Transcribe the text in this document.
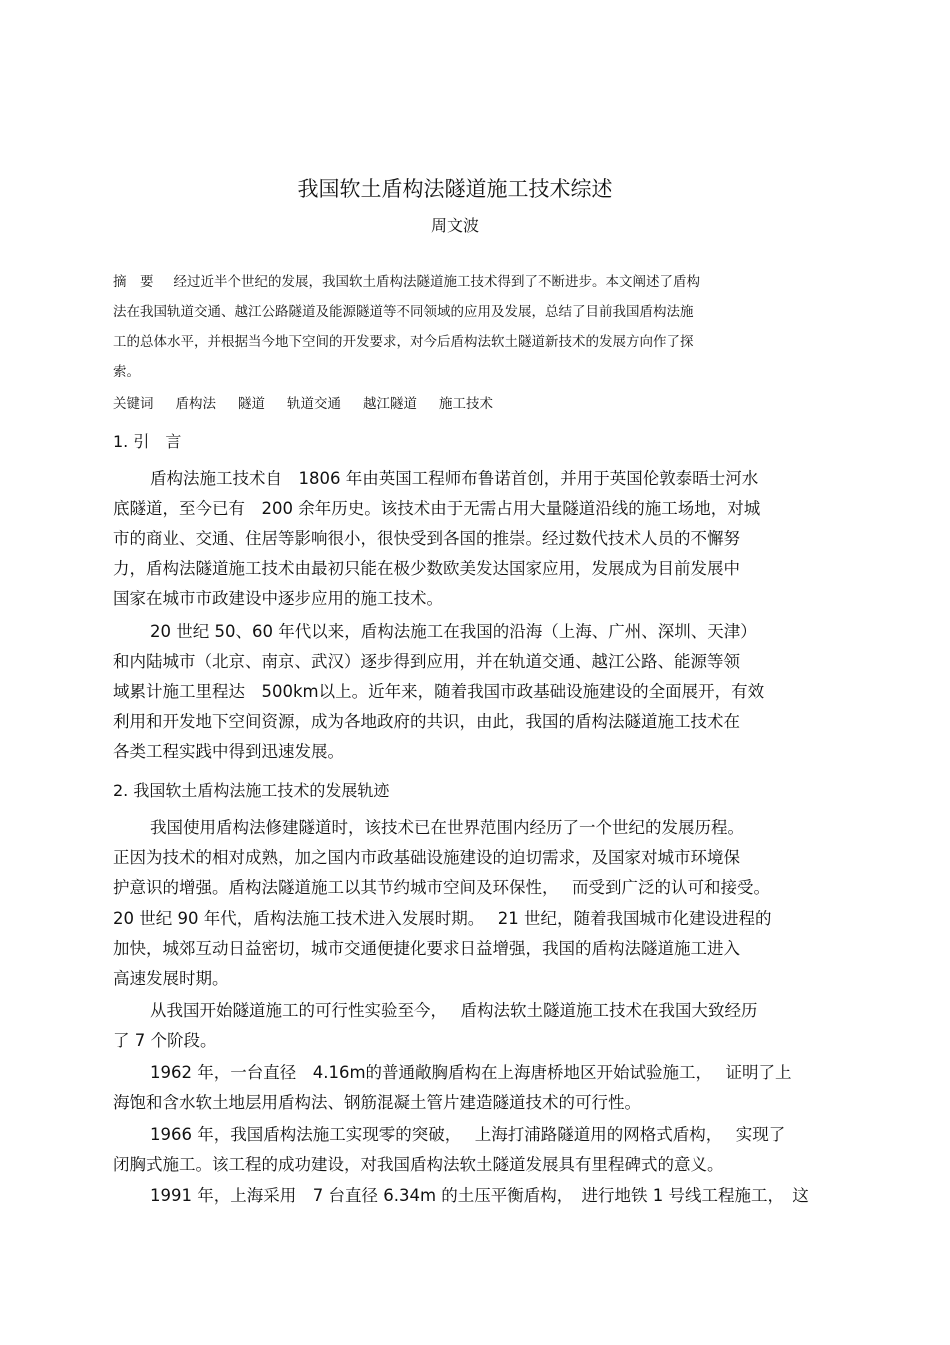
我国软土盾构法隧道施工技术综述
周文波
摘　要 经过近半个世纪的发展，我国软土盾构法隧道施工技术得到了不断进步。本文阐述了盾构
法在我国轨道交通、越江公路隧道及能源隧道等不同领域的应用及发展，总结了目前我国盾构法施
工的总体水平，并根据当今地下空间的开发要求，对今后盾构法软土隧道新技术的发展方向作了探
索。
关键词 盾构法 隧道 轨道交通 越江隧道 施工技术
1. 引　言
盾构法施工技术自　1806 年由英国工程师布鲁诺首创，并用于英国伦敦泰晤士河水
底隧道，至今已有　200 余年历史。该技术由于无需占用大量隧道沿线的施工场地，对城
市的商业、交通、住居等影响很小，很快受到各国的推崇。经过数代技术人员的不懈努
力，盾构法隧道施工技术由最初只能在极少数欧美发达国家应用，发展成为目前发展中
国家在城市市政建设中逐步应用的施工技术。
20 世纪 50、60 年代以来，盾构法施工在我国的沿海（上海、广州、深圳、天津）
和内陆城市（北京、南京、武汉）逐步得到应用，并在轨道交通、越江公路、能源等领
域累计施工里程达　500km以上。近年来，随着我国市政基础设施建设的全面展开，有效
利用和开发地下空间资源，成为各地政府的共识，由此，我国的盾构法隧道施工技术在
各类工程实践中得到迅速发展。
2. 我国软土盾构法施工技术的发展轨迹
我国使用盾构法修建隧道时，该技术已在世界范围内经历了一个世纪的发展历程。
正因为技术的相对成熟，加之国内市政基础设施建设的迫切需求，及国家对城市环境保
护意识的增强。盾构法隧道施工以其节约城市空间及环保性，　 而受到广泛的认可和接受。
20 世纪 90 年代，盾构法施工技术进入发展时期。　 21 世纪，随着我国城市化建设进程的
加快，城郊互动日益密切，城市交通便捷化要求日益增强，我国的盾构法隧道施工进入
高速发展时期。
从我国开始隧道施工的可行性实验至今，　 盾构法软土隧道施工技术在我国大致经历
了 7 个阶段。
1962 年，一台直径　4.16m的普通敞胸盾构在上海唐桥地区开始试验施工，　 证明了上
海饱和含水软土地层用盾构法、钢筋混凝土管片建造隧道技术的可行性。
1966 年，我国盾构法施工实现零的突破，　 上海打浦路隧道用的网格式盾构，　 实现了
闭胸式施工。该工程的成功建设，对我国盾构法软土隧道发展具有里程碑式的意义。
1991 年，上海采用　7 台直径 6.34m 的土压平衡盾构，　进行地铁 1 号线工程施工，　这
